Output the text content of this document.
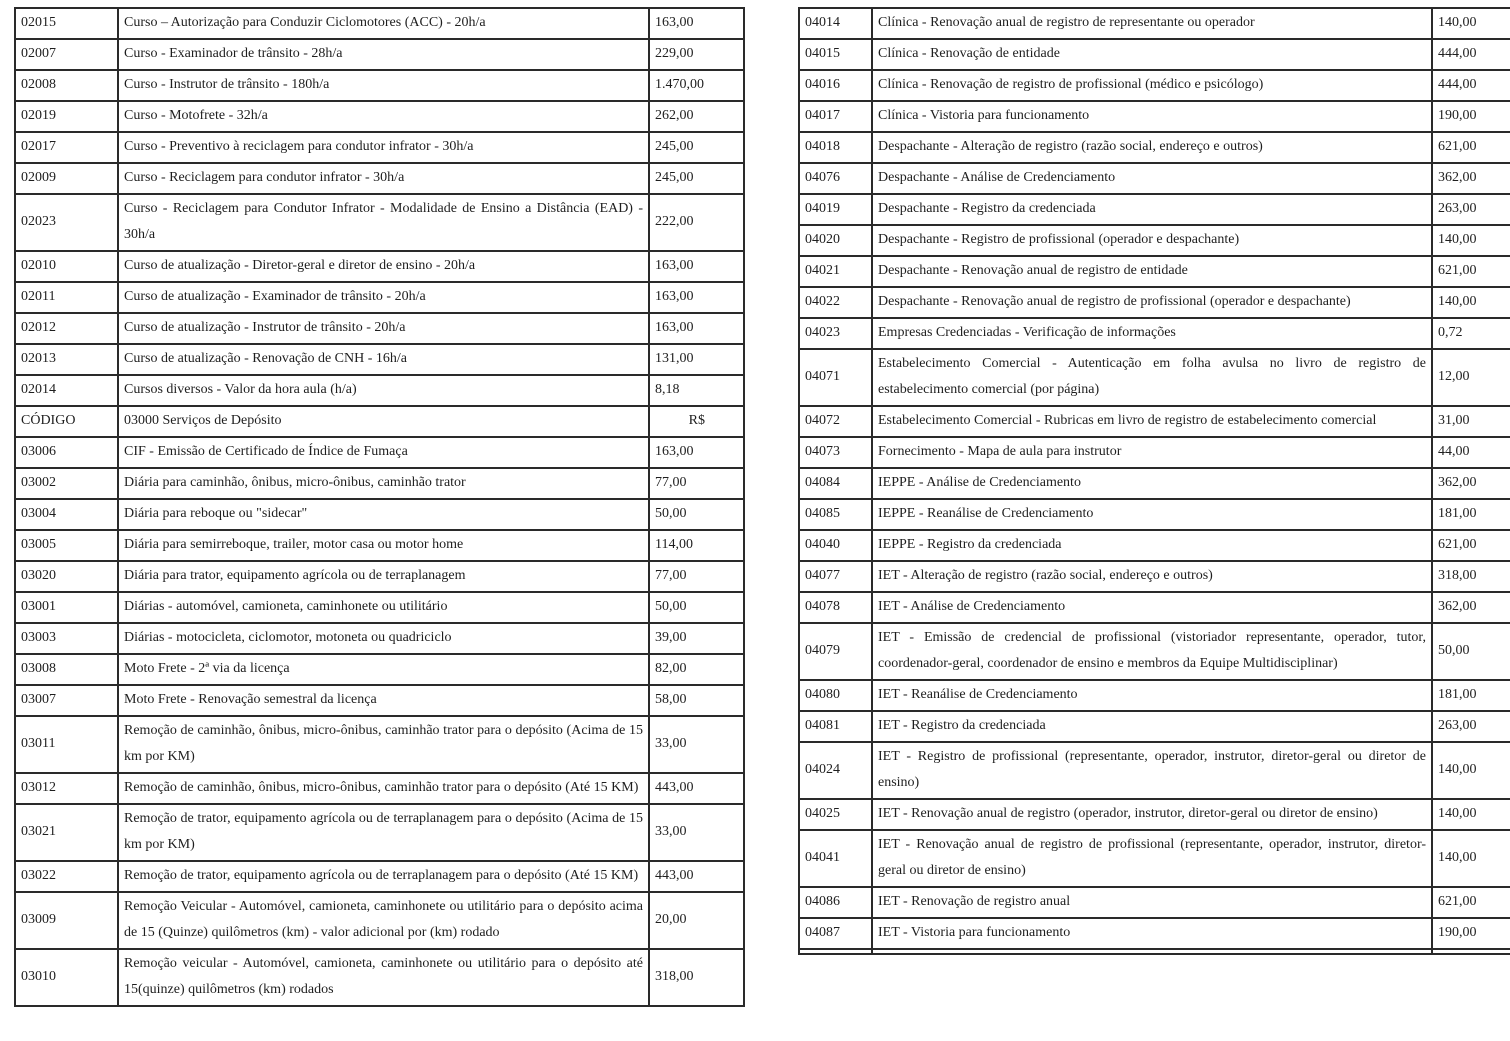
02015	Curso – Autorização para Conduzir Ciclomotores (ACC) - 20h/a	163,00
02007	Curso - Examinador de trânsito - 28h/a	229,00
02008	Curso - Instrutor de trânsito - 180h/a	1.470,00
02019	Curso - Motofrete - 32h/a	262,00
02017	Curso - Preventivo à reciclagem para condutor infrator - 30h/a	245,00
02009	Curso - Reciclagem para condutor infrator - 30h/a	245,00
02023	Curso - Reciclagem para Condutor Infrator - Modalidade de Ensino a Distância (EAD) - 30h/a	222,00
02010	Curso de atualização - Diretor-geral e diretor de ensino - 20h/a	163,00
02011	Curso de atualização - Examinador de trânsito - 20h/a	163,00
02012	Curso de atualização - Instrutor de trânsito - 20h/a	163,00
02013	Curso de atualização - Renovação de CNH - 16h/a	131,00
02014	Cursos diversos - Valor da hora aula (h/a)	8,18
CÓDIGO	03000 Serviços de Depósito	R$
03006	CIF - Emissão de Certificado de Índice de Fumaça	163,00
03002	Diária para caminhão, ônibus, micro-ônibus, caminhão trator	77,00
03004	Diária para reboque ou "sidecar"	50,00
03005	Diária para semirreboque, trailer, motor casa ou motor home	114,00
03020	Diária para trator, equipamento agrícola ou de terraplanagem	77,00
03001	Diárias - automóvel, camioneta, caminhonete ou utilitário	50,00
03003	Diárias - motocicleta, ciclomotor, motoneta ou quadriciclo	39,00
03008	Moto Frete - 2ª via da licença	82,00
03007	Moto Frete - Renovação semestral da licença	58,00
03011	Remoção de caminhão, ônibus, micro-ônibus, caminhão trator para o depósito (Acima de 15 km por KM)	33,00
03012	Remoção de caminhão, ônibus, micro-ônibus, caminhão trator para o depósito (Até 15 KM)	443,00
03021	Remoção de trator, equipamento agrícola ou de terraplanagem para o depósito (Acima de 15 km por KM)	33,00
03022	Remoção de trator, equipamento agrícola ou de terraplanagem para o depósito (Até 15 KM)	443,00
03009	Remoção Veicular - Automóvel, camioneta, caminhonete ou utilitário para o depósito acima de 15 (Quinze) quilômetros (km) - valor adicional por (km) rodado	20,00
03010	Remoção veicular - Automóvel, camioneta, caminhonete ou utilitário para o depósito até 15(quinze) quilômetros (km) rodados	318,00
04014	Clínica - Renovação anual de registro de representante ou operador	140,00
04015	Clínica - Renovação de entidade	444,00
04016	Clínica - Renovação de registro de profissional (médico e psicólogo)	444,00
04017	Clínica - Vistoria para funcionamento	190,00
04018	Despachante - Alteração de registro (razão social, endereço e outros)	621,00
04076	Despachante - Análise de Credenciamento	362,00
04019	Despachante - Registro da credenciada	263,00
04020	Despachante - Registro de profissional (operador e despachante)	140,00
04021	Despachante - Renovação anual de registro de entidade	621,00
04022	Despachante - Renovação anual de registro de profissional (operador e despachante)	140,00
04023	Empresas Credenciadas - Verificação de informações	0,72
04071	Estabelecimento Comercial - Autenticação em folha avulsa no livro de registro de estabelecimento comercial (por página)	12,00
04072	Estabelecimento Comercial - Rubricas em livro de registro de estabelecimento comercial	31,00
04073	Fornecimento - Mapa de aula para instrutor	44,00
04084	IEPPE - Análise de Credenciamento	362,00
04085	IEPPE - Reanálise de Credenciamento	181,00
04040	IEPPE - Registro da credenciada	621,00
04077	IET - Alteração de registro (razão social, endereço e outros)	318,00
04078	IET - Análise de Credenciamento	362,00
04079	IET - Emissão de credencial de profissional (vistoriador representante, operador, tutor, coordenador-geral, coordenador de ensino e membros da Equipe Multidisciplinar)	50,00
04080	IET - Reanálise de Credenciamento	181,00
04081	IET - Registro da credenciada	263,00
04024	IET - Registro de profissional (representante, operador, instrutor, diretor-geral ou diretor de ensino)	140,00
04025	IET - Renovação anual de registro (operador, instrutor, diretor-geral ou diretor de ensino)	140,00
04041	IET - Renovação anual de registro de profissional (representante, operador, instrutor, diretor-geral ou diretor de ensino)	140,00
04086	IET - Renovação de registro anual	621,00
04087	IET - Vistoria para funcionamento	190,00
